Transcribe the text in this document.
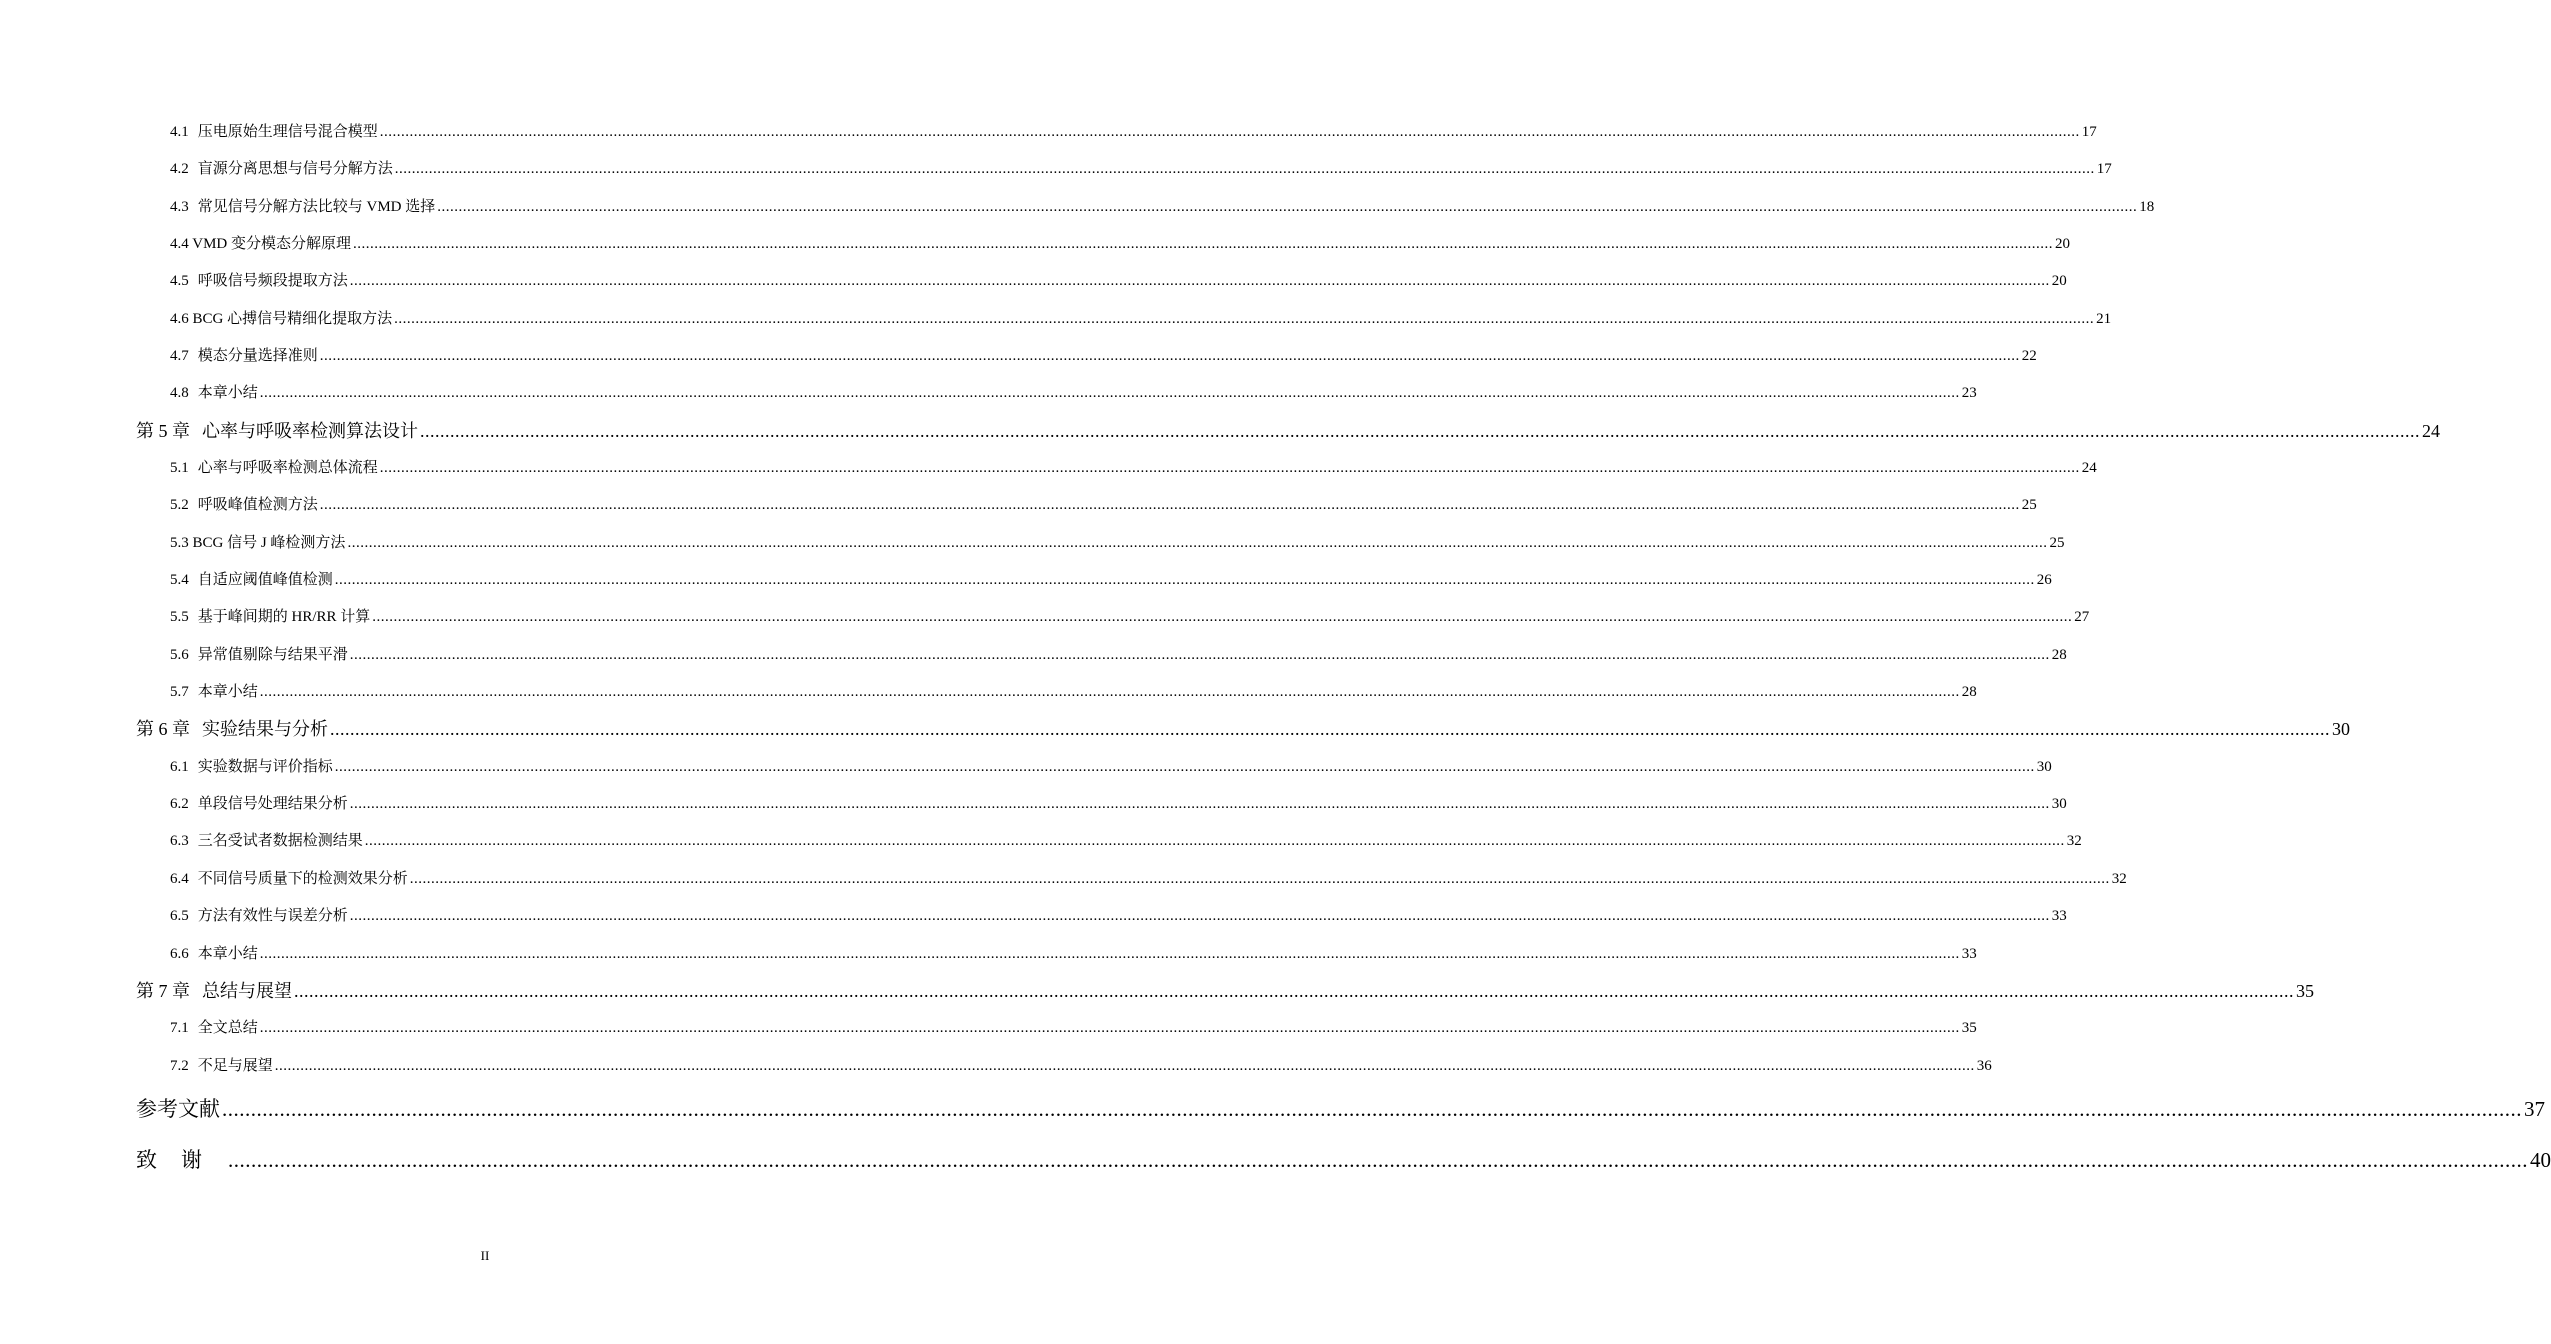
4.1 压电原始生理信号混合模型 ................................................................................................................................................................................................................................................................................................................................................................................................................ 17
4.2 盲源分离思想与信号分解方法 ................................................................................................................................................................................................................................................................................................................................................................................................................ 17
4.3 常见信号分解方法比较与 VMD 选择 ................................................................................................................................................................................................................................................................................................................................................................................................................ 18
4.4 VMD 变分模态分解原理 ................................................................................................................................................................................................................................................................................................................................................................................................................ 20
4.5 呼吸信号频段提取方法 ................................................................................................................................................................................................................................................................................................................................................................................................................ 20
4.6 BCG 心搏信号精细化提取方法 ................................................................................................................................................................................................................................................................................................................................................................................................................ 21
4.7 模态分量选择准则 ................................................................................................................................................................................................................................................................................................................................................................................................................ 22
4.8 本章小结 ................................................................................................................................................................................................................................................................................................................................................................................................................ 23
第 5 章 心率与呼吸率检测算法设计 ................................................................................................................................................................................................................................................................................................................................................................................................................ 24
5.1 心率与呼吸率检测总体流程 ................................................................................................................................................................................................................................................................................................................................................................................................................ 24
5.2 呼吸峰值检测方法 ................................................................................................................................................................................................................................................................................................................................................................................................................ 25
5.3 BCG 信号 J 峰检测方法 ................................................................................................................................................................................................................................................................................................................................................................................................................ 25
5.4 自适应阈值峰值检测 ................................................................................................................................................................................................................................................................................................................................................................................................................ 26
5.5 基于峰间期的 HR/RR 计算 ................................................................................................................................................................................................................................................................................................................................................................................................................ 27
5.6 异常值剔除与结果平滑 ................................................................................................................................................................................................................................................................................................................................................................................................................ 28
5.7 本章小结 ................................................................................................................................................................................................................................................................................................................................................................................................................ 28
第 6 章 实验结果与分析 ................................................................................................................................................................................................................................................................................................................................................................................................................ 30
6.1 实验数据与评价指标 ................................................................................................................................................................................................................................................................................................................................................................................................................ 30
6.2 单段信号处理结果分析 ................................................................................................................................................................................................................................................................................................................................................................................................................ 30
6.3 三名受试者数据检测结果 ................................................................................................................................................................................................................................................................................................................................................................................................................ 32
6.4 不同信号质量下的检测效果分析 ................................................................................................................................................................................................................................................................................................................................................................................................................ 32
6.5 方法有效性与误差分析 ................................................................................................................................................................................................................................................................................................................................................................................................................ 33
6.6 本章小结 ................................................................................................................................................................................................................................................................................................................................................................................................................ 33
第 7 章 总结与展望 ................................................................................................................................................................................................................................................................................................................................................................................................................ 35
7.1 全文总结 ................................................................................................................................................................................................................................................................................................................................................................................................................ 35
7.2 不足与展望 ................................................................................................................................................................................................................................................................................................................................................................................................................ 36
参考文献 ................................................................................................................................................................................................................................................................................................................................................................................................................ 37
致谢 ................................................................................................................................................................................................................................................................................................................................................................................................................ 40
II
